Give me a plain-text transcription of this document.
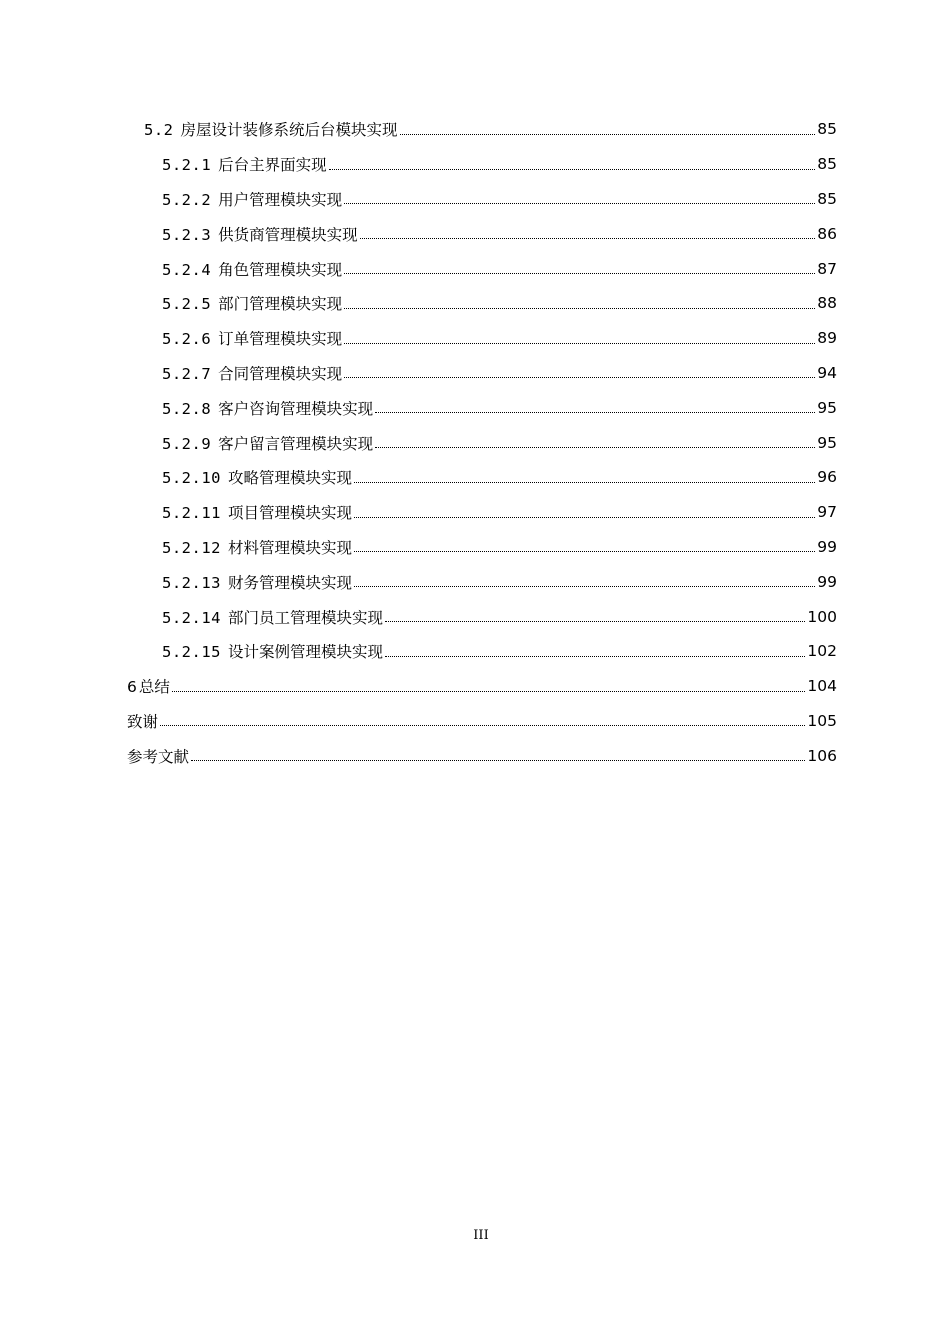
5.2 房屋设计装修系统后台模块实现	85
5.2.1 后台主界面实现	85
5.2.2 用户管理模块实现	85
5.2.3 供货商管理模块实现	86
5.2.4 角色管理模块实现	87
5.2.5 部门管理模块实现	88
5.2.6 订单管理模块实现	89
5.2.7 合同管理模块实现	94
5.2.8 客户咨询管理模块实现	95
5.2.9 客户留言管理模块实现	95
5.2.10 攻略管理模块实现	96
5.2.11 项目管理模块实现	97
5.2.12 材料管理模块实现	99
5.2.13 财务管理模块实现	99
5.2.14 部门员工管理模块实现	100
5.2.15 设计案例管理模块实现	102
6 总结	104
致谢	105
参考文献	106
III
